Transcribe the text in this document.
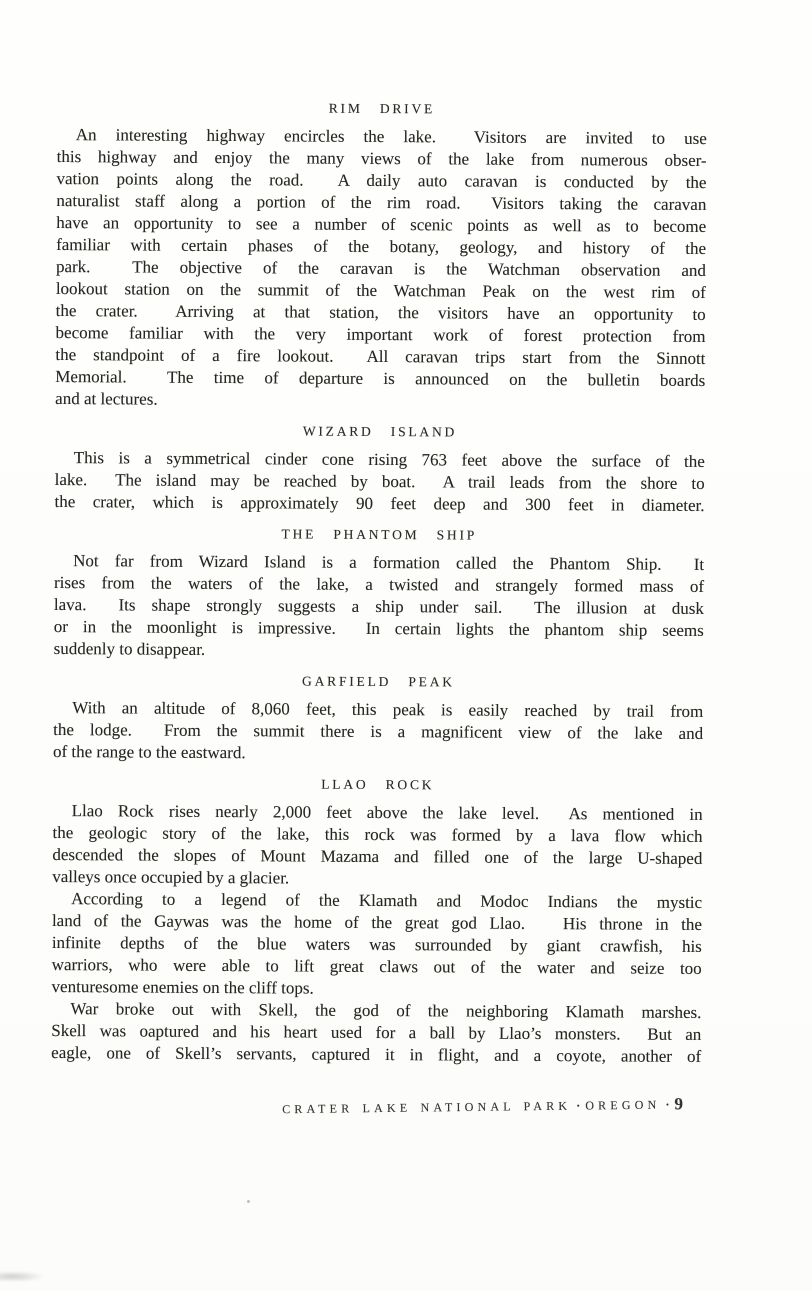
RIM DRIVE
An interesting highway encircles the lake.  Visitors are invited to use
this highway and enjoy the many views of the lake from numerous obser-
vation points along the road.  A daily auto caravan is conducted by the
naturalist staff along a portion of the rim road.  Visitors taking the caravan
have an opportunity to see a number of scenic points as well as to become
familiar with certain phases of the botany, geology, and history of the
park.  The objective of the caravan is the Watchman observation and
lookout station on the summit of the Watchman Peak on the west rim of
the crater.  Arriving at that station, the visitors have an opportunity to
become familiar with the very important work of forest protection from
the standpoint of a fire lookout.  All caravan trips start from the Sinnott
Memorial.  The time of departure is announced on the bulletin boards
and at lectures.
WIZARD ISLAND
This is a symmetrical cinder cone rising 763 feet above the surface of the
lake.  The island may be reached by boat.  A trail leads from the shore to
the crater, which is approximately 90 feet deep and 300 feet in diameter.
THE PHANTOM SHIP
Not far from Wizard Island is a formation called the Phantom Ship.  It
rises from the waters of the lake, a twisted and strangely formed mass of
lava.  Its shape strongly suggests a ship under sail.  The illusion at dusk
or in the moonlight is impressive.  In certain lights the phantom ship seems
suddenly to disappear.
GARFIELD PEAK
With an altitude of 8,060 feet, this peak is easily reached by trail from
the lodge.  From the summit there is a magnificent view of the lake and
of the range to the eastward.
LLAO ROCK
Llao Rock rises nearly 2,000 feet above the lake level.  As mentioned in
the geologic story of the lake, this rock was formed by a lava flow which
descended the slopes of Mount Mazama and filled one of the large U-shaped
valleys once occupied by a glacier.
According to a legend of the Klamath and Modoc Indians the mystic
land of the Gaywas was the home of the great god Llao.   His throne in the
infinite depths of the blue waters was surrounded by giant crawfish, his
warriors, who were able to lift great claws out of the water and seize too
venturesome enemies on the cliff tops.
War broke out with Skell, the god of the neighboring Klamath marshes.
Skell was oaptured and his heart used for a ball by Llao’s monsters.  But an
eagle, one of Skell’s servants, captured it in flight, and a coyote, another of
CRATER LAKE NATIONAL PARK · OREGON · 9
